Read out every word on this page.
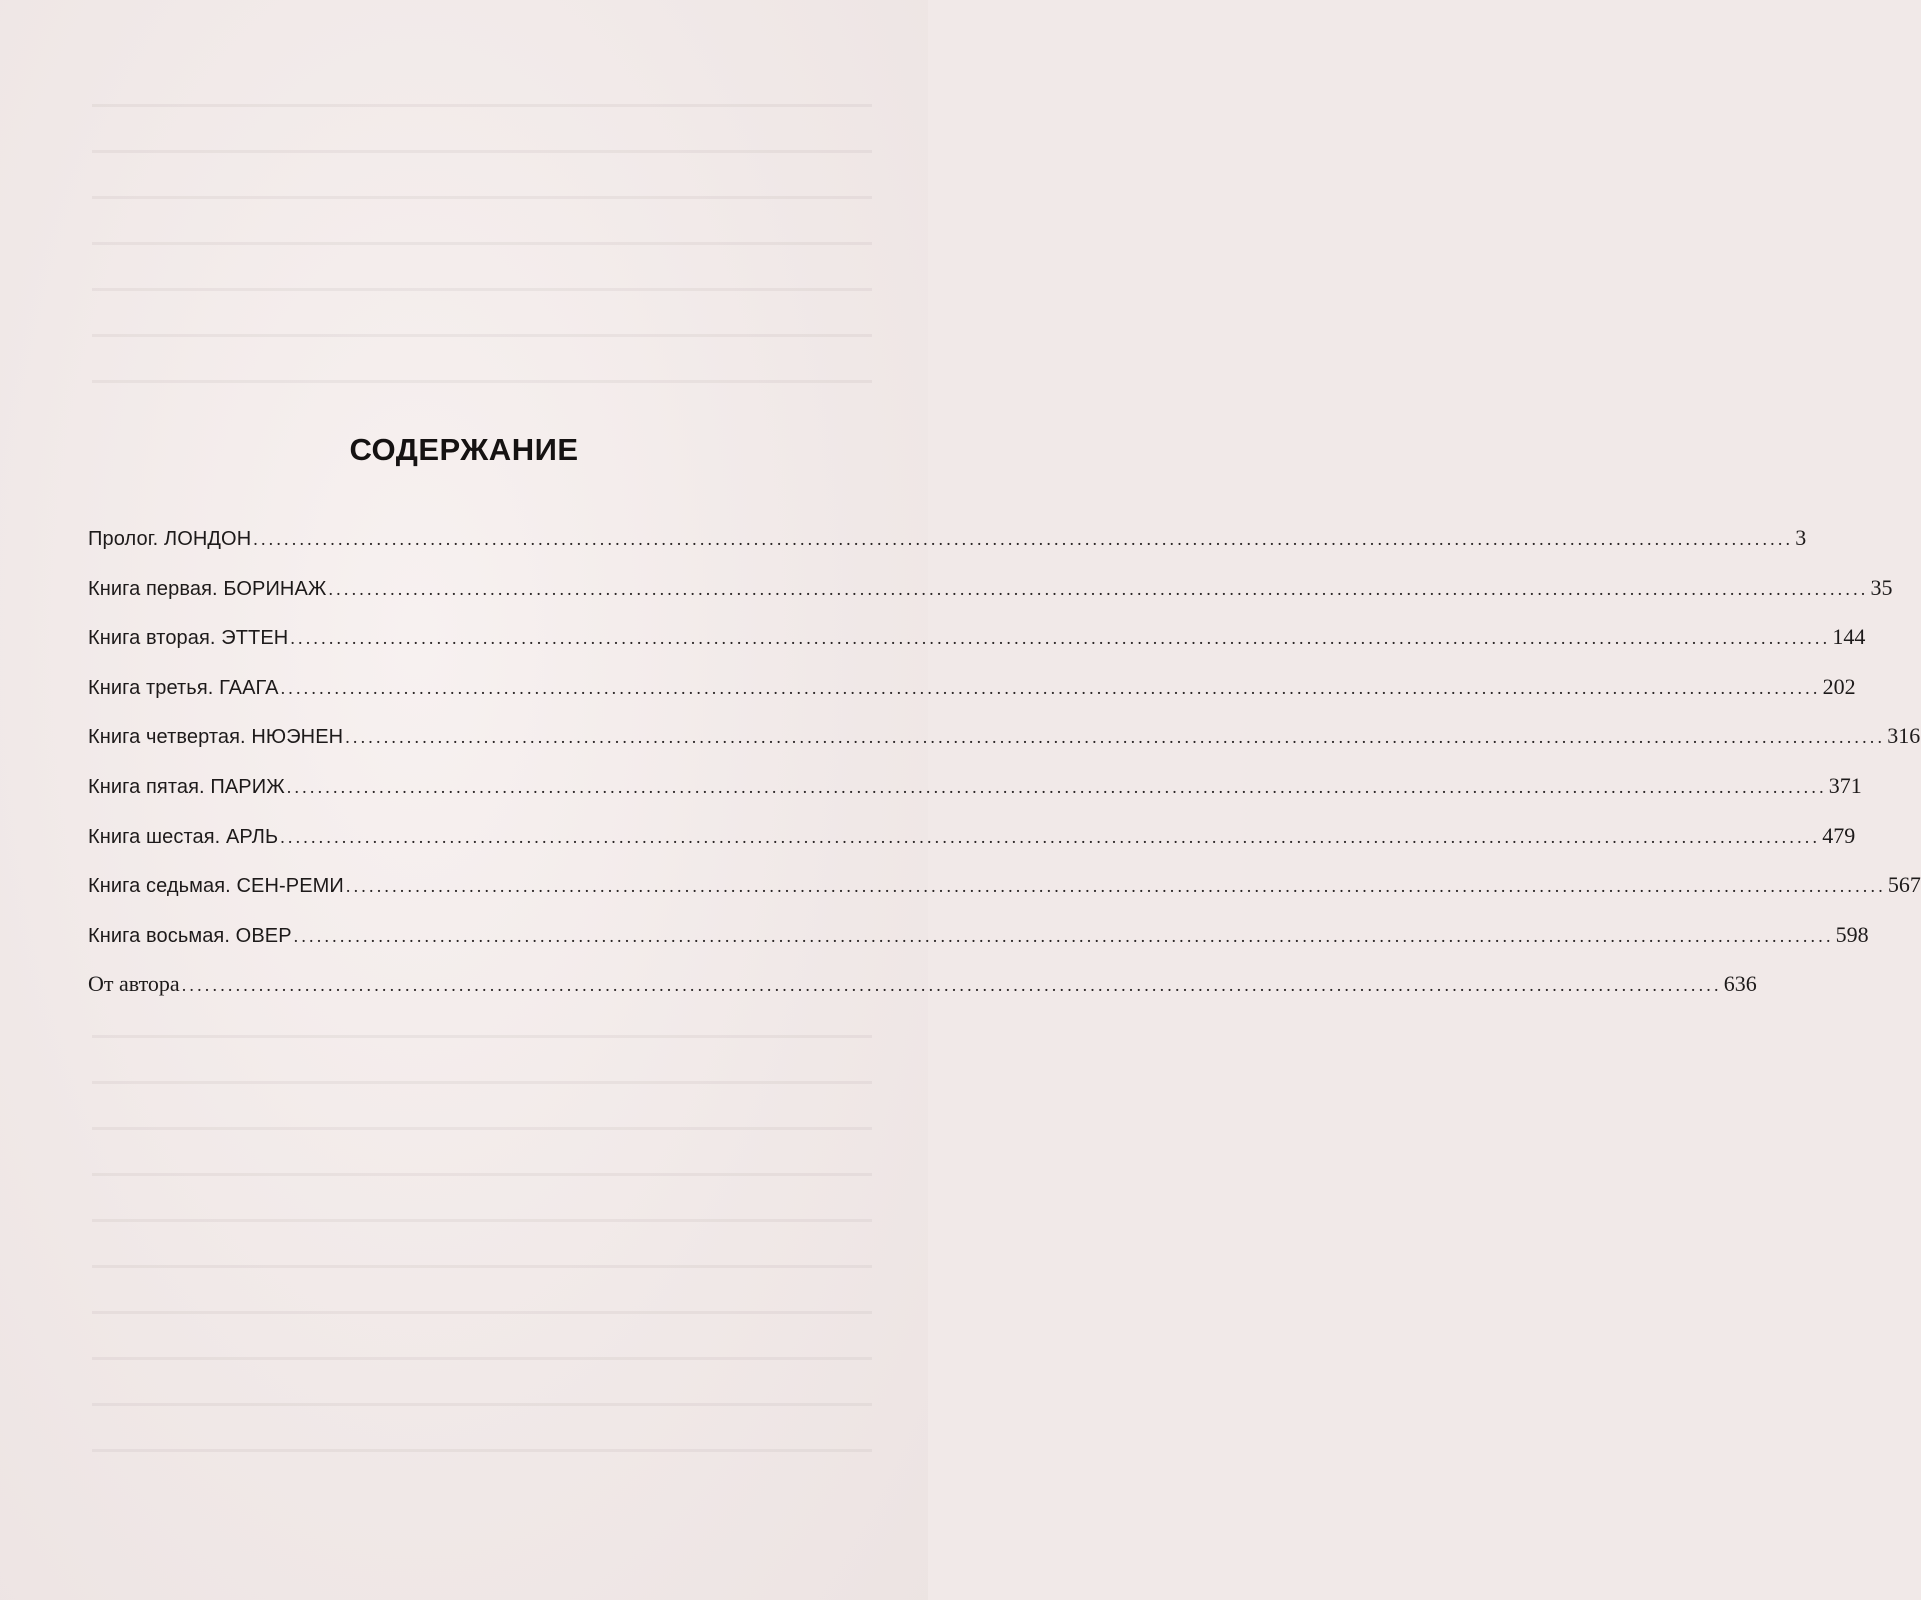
СОДЕРЖАНИЕ
Пролог. ЛОНДОН ........................................................................................................................................................................................................ 3
Книга первая. БОРИНАЖ ........................................................................................................................................................................................................ 35
Книга вторая. ЭТТЕН ........................................................................................................................................................................................................ 144
Книга третья. ГААГА ........................................................................................................................................................................................................ 202
Книга четвертая. НЮЭНЕН ........................................................................................................................................................................................................ 316
Книга пятая. ПАРИЖ ........................................................................................................................................................................................................ 371
Книга шестая. АРЛЬ ........................................................................................................................................................................................................ 479
Книга седьмая. СЕН-РЕМИ ........................................................................................................................................................................................................ 567
Книга восьмая. ОВЕР ........................................................................................................................................................................................................ 598
От автора ........................................................................................................................................................................................................ 636
